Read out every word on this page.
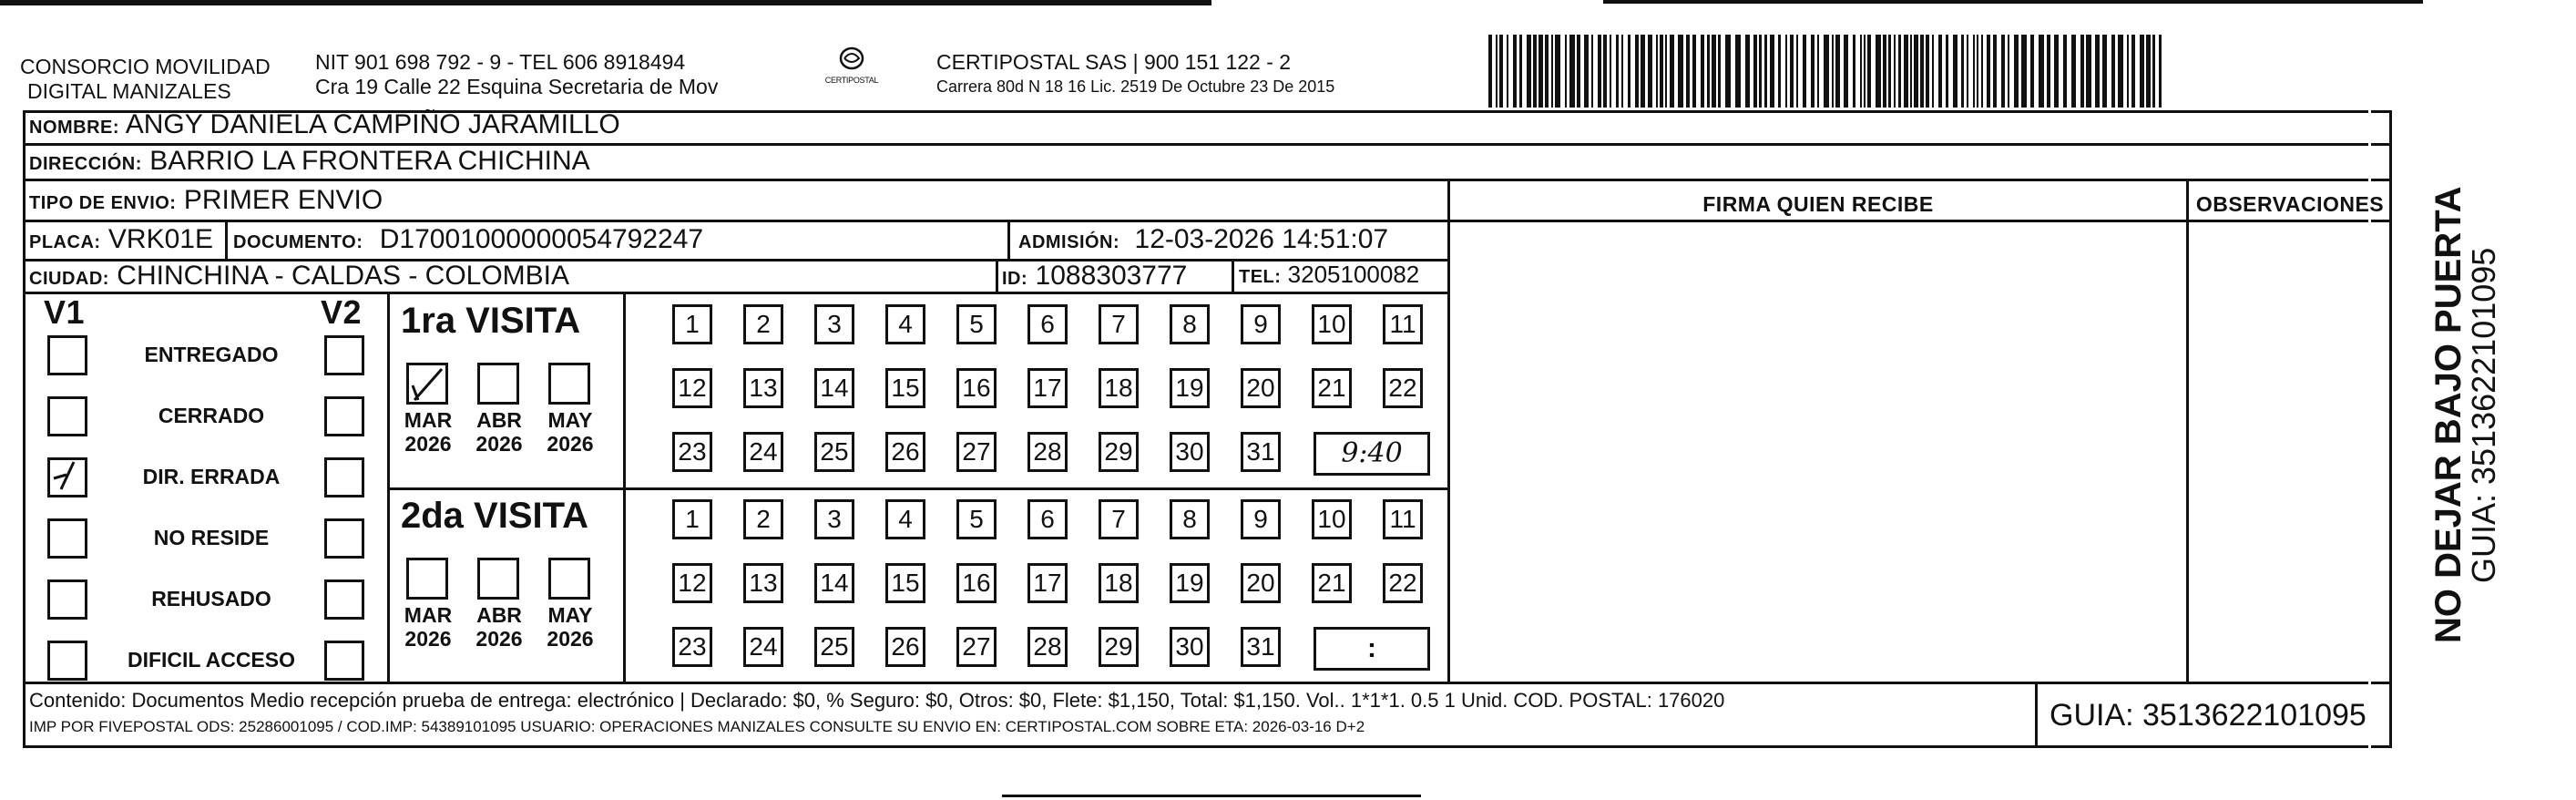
CONSORCIO MOVILIDAD
DIGITAL MANIZALES
NIT 901 698 792 - 9 - TEL 606 8918494
Cra 19 Calle 22 Esquina Secretaria de Mov	CERTIPOSTAL
CERTIPOSTAL SAS | 900 151 122 - 2
Carrera 80d N 18 16 Lic. 2519 De Octubre 23 De 2015
NOMBRE: ANGY DANIELA CAMPIÑO JARAMILLO
DIRECCIÓN: BARRIO LA FRONTERA CHICHINA
TIPO DE ENVIO: PRIMER ENVIO
PLACA: VRK01E DOCUMENTO: D17001000000054792247	ADMISIÓN: 12-03-2026 14:51:07
CIUDAD: CHINCHINA - CALDAS - COLOMBIA	ID: 1088303777	TEL: 3205100082
FIRMA QUIEN RECIBE	OBSERVACIONES
V1	V2
ENTREGADO
CERRADO
DIR. ERRADA
NO RESIDE
REHUSADO
DIFICIL ACCESO
1ra VISITA
2da VISITA
MAR
2026
ABR
2026
MAY
2026
1	2	3	4	5	6	7	8	9	10 11
12 13 14 15 16 17 18 19 20 21 22
23 24 25 26 27 28 29 30 31	9:40
MAR
2026
ABR
2026
MAY
2026
1	2	3	4	5	6	7	8	9	10 11
12 13 14 15 16 17 18 19 20 21 22
23 24 25 26 27 28 29 30 31	:
Contenido: Documentos Medio recepción prueba de entrega: electrónico | Declarado: $0, % Seguro: $0, Otros: $0, Flete: $1,150, Total: $1,150. Vol.. 1*1*1. 0.5 1 Unid. COD. POSTAL: 176020
IMP POR FIVEPOSTAL ODS: 25286001095 / COD.IMP: 54389101095 USUARIO: OPERACIONES MANIZALES CONSULTE SU ENVIO EN: CERTIPOSTAL.COM SOBRE ETA: 2026-03-16 D+2	GUIA: 3513622101095
NO DEJAR BAJO PUERTA
GUIA: 3513622101095
